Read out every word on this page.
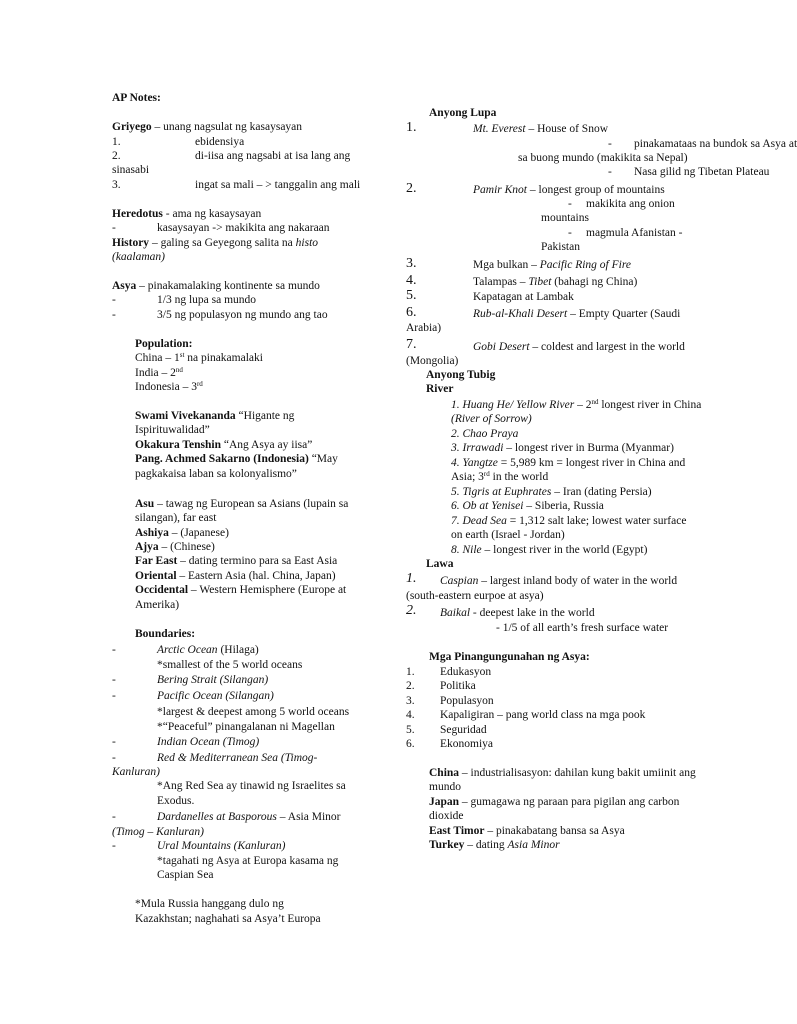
AP Notes:
Griyego – unang nagsulat ng kasaysayan
1.	ebidensiya
2.	di-iisa ang nagsabi at isa lang ang
sinasabi
3.	ingat sa mali – > tanggalin ang mali
Heredotus - ama ng kasaysayan
-	kasaysayan -> makikita ang nakaraan
History – galing sa Geyegong salita na histo
(kaalaman)
Asya – pinakamalaking kontinente sa mundo
-	1/3 ng lupa sa mundo
-	3/5 ng populasyon ng mundo ang tao
Population:
China – 1st na pinakamalaki
India – 2nd
Indonesia – 3rd
Swami Vivekananda “Higante ng
Ispirituwalidad”
Okakura Tenshin “Ang Asya ay iisa”
Pang. Achmed Sakarno (Indonesia) “May
pagkakaisa laban sa kolonyalismo”
Asu – tawag ng European sa Asians (lupain sa
silangan), far east
Ashiya – (Japanese)
Ajya – (Chinese)
Far East – dating termino para sa East Asia
Oriental – Eastern Asia (hal. China, Japan)
Occidental – Western Hemisphere (Europe at
Amerika)
Boundaries:
-	Arctic Ocean (Hilaga)
*smallest of the 5 world oceans
-	Bering Strait (Silangan)
-	Pacific Ocean (Silangan)
*largest & deepest among 5 world oceans
*“Peaceful” pinangalanan ni Magellan
-	Indian Ocean (Timog)
-	Red & Mediterranean Sea (Timog-
Kanluran)
*Ang Red Sea ay tinawid ng Israelites sa
Exodus.
-	Dardanelles at Basporous – Asia Minor
(Timog – Kanluran)
-	Ural Mountains (Kanluran)
*tagahati ng Asya at Europa kasama ng
Caspian Sea
*Mula Russia hanggang dulo ng
Kazakhstan; naghahati sa Asya’t Europa
Anyong Lupa
1.	Mt. Everest – House of Snow
- pinakamataas na bundok sa Asya at
sa buong mundo (makikita sa Nepal)
- Nasa gilid ng Tibetan Plateau
2.	Pamir Knot – longest group of mountains
- makikita ang onion
mountains
- magmula Afanistan -
Pakistan
3.	Mga bulkan – Pacific Ring of Fire
4.	Talampas – Tibet (bahagi ng China)
5.	Kapatagan at Lambak
6.	Rub-al-Khali Desert – Empty Quarter (Saudi
Arabia)
7.	Gobi Desert – coldest and largest in the world
(Mongolia)
Anyong Tubig
River
1. Huang He/ Yellow River – 2nd longest river in China
(River of Sorrow)
2. Chao Praya
3. Irrawadi – longest river in Burma (Myanmar)
4. Yangtze = 5,989 km = longest river in China and
Asia; 3rd in the world
5. Tigris at Euphrates – Iran (dating Persia)
6. Ob at Yenisei – Siberia, Russia
7. Dead Sea = 1,312 salt lake; lowest water surface
on earth (Israel - Jordan)
8. Nile – longest river in the world (Egypt)
Lawa
1. Caspian – largest inland body of water in the world
(south-eastern eurpoe at asya)
2. Baikal - deepest lake in the world
- 1/5 of all earth’s fresh surface water
Mga Pinangungunahan ng Asya:
1. Edukasyon
2. Politika
3. Populasyon
4. Kapaligiran – pang world class na mga pook
5. Seguridad
6. Ekonomiya
China – industrialisasyon: dahilan kung bakit umiinit ang
mundo
Japan – gumagawa ng paraan para pigilan ang carbon
dioxide
East Timor – pinakabatang bansa sa Asya
Turkey – dating Asia Minor
